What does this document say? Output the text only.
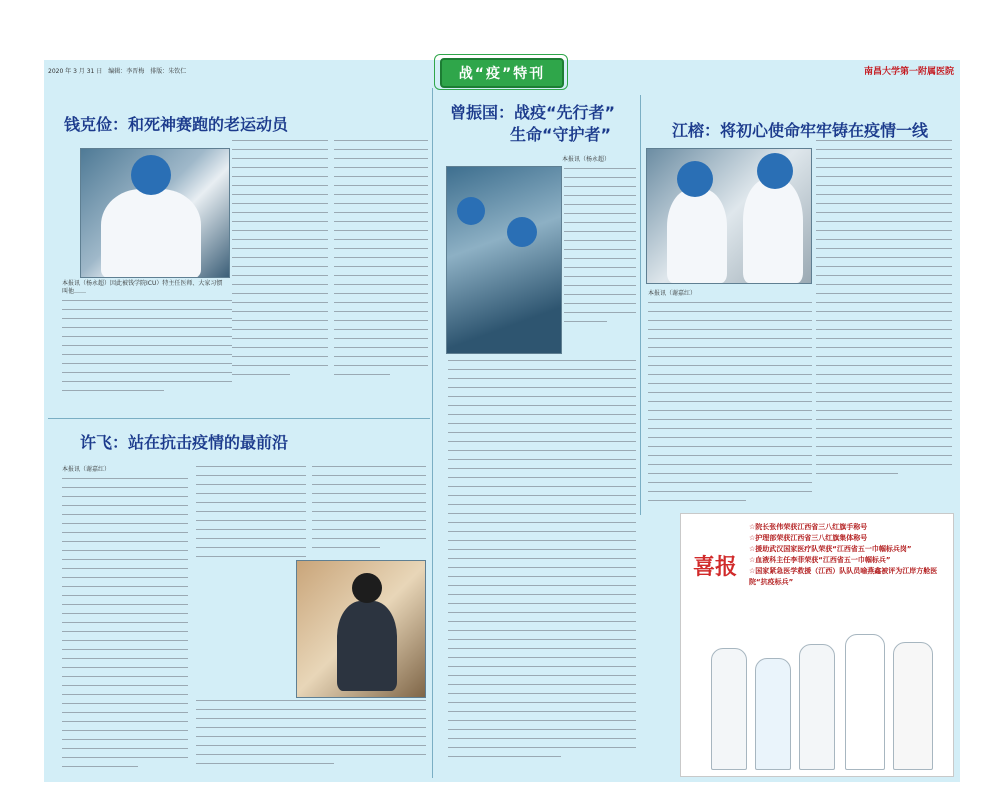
2020 年 3 月 31 日　编辑：李晋梅　排版：朱钦仁	南昌大学第一附属医院
战“疫”特刊
钱克俭：和死神赛跑的老运动员
本报讯（杨永超）因此被钱学院ICU）特主任医师、大家习惯叫他……
许飞：站在抗击疫情的最前沿
本报讯（谢嘉红）
曾振国：战疫“先行者”
生命“守护者”
本报讯（杨永超）
江榕：将初心使命牢牢铸在疫情一线
本报讯（谢嘉红）
喜报
☆院长张伟荣获江西省三八红旗手称号
☆护理部荣获江西省三八红旗集体称号
☆援助武汉国家医疗队荣获“江西省五一巾帼标兵岗”
☆血液科主任李菲荣获“江西省五一巾帼标兵”
☆国家紧急医学救援（江西）队队员喻燕鑫被评为江岸方舱医院“抗疫标兵”
